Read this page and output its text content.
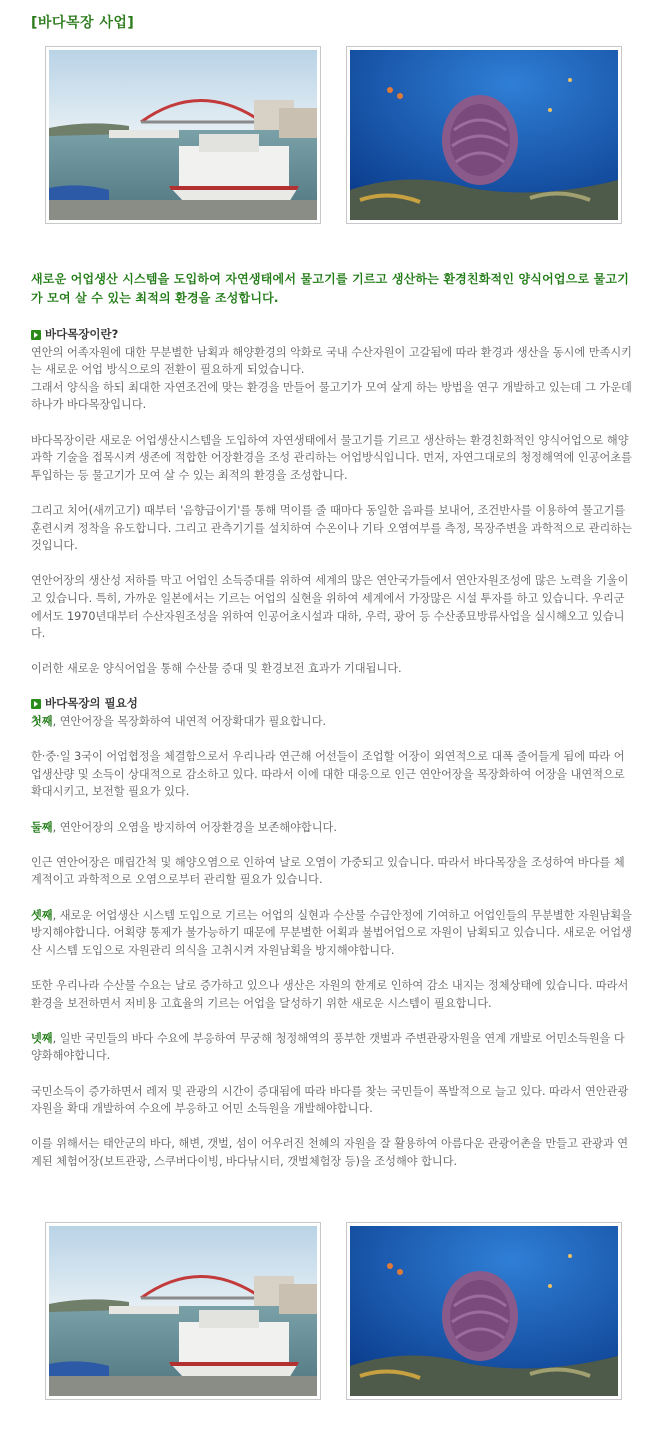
[바다목장 사업]
새로운 어업생산 시스템을 도입하여 자연생태에서 물고기를 기르고 생산하는 환경친화적인 양식어업으로 물고기가 모여 살 수 있는 최적의 환경을 조성합니다.
바다목장이란?

연안의 어족자원에 대한 무분별한 남획과 해양환경의 악화로 국내 수산자원이 고갈됨에 따라 환경과 생산을 동시에 만족시키는 새로운 어업 방식으로의 전환이 필요하게 되었습니다.

그래서 양식을 하되 최대한 자연조건에 맞는 환경을 만들어 물고기가 모여 살게 하는 방법을 연구 개발하고 있는데 그 가운데 하나가 바다목장입니다.

바다목장이란 새로운 어업생산시스템을 도입하여 자연생태에서 물고기를 기르고 생산하는 환경친화적인 양식어업으로 해양과학 기술을 접목시켜 생존에 적합한 어장환경을 조성 관리하는 어업방식입니다. 먼저, 자연그대로의 청정해역에 인공어초를 투입하는 등 물고기가 모여 살 수 있는 최적의 환경을 조성합니다.

그리고 치어(새끼고기) 때부터 '음향급이기'를 통해 먹이를 줄 때마다 동일한 음파를 보내어, 조건반사를 이용하여 물고기를 훈련시켜 정착을 유도합니다. 그리고 관측기기를 설치하여 수온이나 기타 오염여부를 측정, 목장주변을 과학적으로 관리하는 것입니다.

연안어장의 생산성 저하를 막고 어업인 소득증대를 위하여 세계의 많은 연안국가들에서 연안자원조성에 많은 노력을 기울이고 있습니다. 특히, 가까운 일본에서는 기르는 어업의 실현을 위하여 세계에서 가장많은 시설 투자를 하고 있습니다. 우리군에서도 1970년대부터 수산자원조성을 위하여 인공어초시설과 대하, 우럭, 광어 등 수산종묘방류사업을 실시해오고 있습니다.

이러한 새로운 양식어업을 통해 수산물 증대 및 환경보전 효과가 기대됩니다.

바다목장의 필요성

첫째, 연안어장을 목장화하여 내연적 어장확대가 필요합니다.

한·중·일 3국이 어업협정을 체결함으로서 우리나라 연근해 어선들이 조업할 어장이 외연적으로 대폭 줄어들게 됨에 따라 어업생산량 및 소득이 상대적으로 감소하고 있다. 따라서 이에 대한 대응으로 인근 연안어장을 목장화하여 어장을 내연적으로 확대시키고, 보전할 필요가 있다.

둘째, 연안어장의 오염을 방지하여 어장환경을 보존해야합니다.

인근 연안어장은 매립간척 및 해양오염으로 인하여 날로 오염이 가중되고 있습니다. 따라서 바다목장을 조성하여 바다를 체계적이고 과학적으로 오염으로부터 관리할 필요가 있습니다.

셋째, 새로운 어업생산 시스템 도입으로 기르는 어업의 실현과 수산물 수급안정에 기여하고 어업인들의 무분별한 자원남획을 방지해야합니다. 어획량 통제가 불가능하기 때문에 무분별한 어획과 불법어업으로 자원이 남획되고 있습니다. 새로운 어업생산 시스템 도입으로 자원관리 의식을 고취시켜 자원남획을 방지해야합니다.

또한 우리나라 수산물 수요는 날로 증가하고 있으나 생산은 자원의 한계로 인하여 감소 내지는 정체상태에 있습니다. 따라서 환경을 보전하면서 저비용 고효율의 기르는 어업을 달성하기 위한 새로운 시스템이 필요합니다.

넷째, 일반 국민들의 바다 수요에 부응하여 무궁해 청정해역의 풍부한 갯벌과 주변관광자원을 연계 개발로 어민소득원을 다양화해야합니다.

국민소득이 증가하면서 레저 및 관광의 시간이 증대됨에 따라 바다를 찾는 국민들이 폭발적으로 늘고 있다. 따라서 연안관광자원을 확대 개발하여 수요에 부응하고 어민 소득원을 개발해야합니다.

이를 위해서는 태안군의 바다, 해변, 갯벌, 섬이 어우러진 천혜의 자원을 잘 활용하여 아름다운 관광어촌을 만들고 관광과 연계된 체험어장(보트관광, 스쿠버다이빙, 바다낚시터, 갯벌체험장 등)을 조성해야 합니다.
